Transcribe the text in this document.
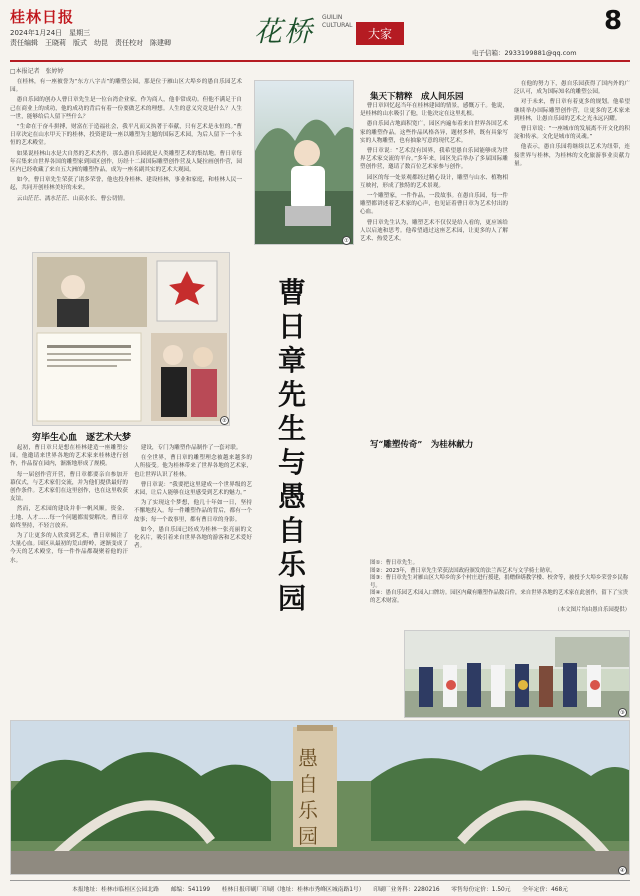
桂林日报
2024年1月24日　星期三
责任编辑　王晓莉　版式　幼昆　责任校对　陈建卿	花桥 GUILIN CULTURAL
大家	8
电子信箱：2933199881@qq.com
□本报记者　张婷婷

在桂林，有一座被誉为“东方八字吉”的雕塑公园，那是位于雁山区大埠乡的愚自乐园艺术园。

愚自乐园的创办人曹日章先生是一位台湾企业家，作为商人，他非常成功。但他不满足于自己在商业上的成功，他的成功的背后有着一份要做艺术的理想。人生的意义究竟是什么？人生一世，能够给后人留下些什么？

“生命在于奋斗拼搏，财富在于造福社会，我平凡而又执著于奉献，只有艺术是永恒的。”曹日章决定在山水甲天下的桂林，投资建设一座以雕塑为主题的国际艺术园，为后人留下一个永恒的艺术殿堂。

如果说桂林山水是大自然的艺术杰作，那么愚自乐园就是人类雕塑艺术的集结地。曹日章每年召集来自世界各国的雕塑家到园区创作，历经十二届国际雕塑创作营及人疑拉画创作营，园区内已经收藏了来自五大洲的雕塑作品，成为一座名副其实的艺术大观园。

如今，曹日章先生荣获了诸多荣誉，他也投身桂林、建设桂林，事业和家庭，和桂林人民一起，共同开创桂林美好的未来。

云山茫茫、漓水茫茫、山高水长、曹公切情。

②
穷毕生心血　逐艺术大梦

起初，曹日章只是想在桂林建造一座雕塑公园。他邀请来世界各地的艺术家来桂林进行创作，作品留在园内，渐渐地形成了规模。

每一届创作营开营，曹日章都要亲自参加开幕仪式，与艺术家们交流，并为他们提供最好的创作条件。艺术家们在这里创作，也在这里收获友谊。

然而，艺术园的建设并非一帆风顺。资金、土地、人才……每一个问题都需要解决。曹日章始终坚持，不轻言放弃。

为了让更多的人欣赏到艺术，曹日章倾注了大量心血。园区从最初的荒山野岭，逐渐变成了今天的艺术殿堂，每一件作品都凝聚着他的汗水。

建设，专门为雕塑作品制作了一套对联。

在全世界，曹日章的雕塑理念被越来越多的人所接受。他为桂林带来了世界各地的艺术家，也让世界认识了桂林。

曹日章说：“我要把这里建成一个世界级的艺术园，让后人能够在这里感受到艺术的魅力。”

为了实现这个梦想，他几十年如一日，坚持不懈地投入。每一件雕塑作品的背后，都有一个故事；每一个故事里，都有曹日章的身影。

如今，愚自乐园已经成为桂林一张亮丽的文化名片，吸引着来自世界各地的游客和艺术爱好者。

①
曹日章先生与愚自乐园
集天下精粹　成人间乐园

曹日章回忆起当年在桂林建园的情景，感慨万千。他说，是桂林的山水吸引了他，让他决定在这里扎根。

愚自乐园占地面积宽广，园区内遍布着来自世界各国艺术家的雕塑作品。这些作品风格各异，题材多样，既有具象写实的人物雕塑，也有抽象写意的现代艺术。

曹日章说：“艺术没有国界，我希望愚自乐园能够成为世界艺术家交流的平台。”多年来，园区先后举办了多届国际雕塑创作营，邀请了数百位艺术家参与创作。

园区的每一处景观都经过精心设计，雕塑与山水、植物相互映衬，形成了独特的艺术景观。

一个雕塑家，一件作品，一段故事。在愚自乐园，每一件雕塑都讲述着艺术家的心声，也见证着曹日章为艺术付出的心血。

曹日章先生认为，雕塑艺术不仅仅是给人看的，更应该给人以启迪和思考。他希望通过这座艺术园，让更多的人了解艺术、热爱艺术。

在他的努力下，愚自乐园获得了国内外的广泛认可，成为国际知名的雕塑公园。

对于未来，曹日章有着更多的规划。他希望继续举办国际雕塑创作营，让更多的艺术家来到桂林，让愚自乐园的艺术之光永远闪耀。

曹日章说：“一座城市的发展离不开文化的积淀和传承。文化是城市的灵魂。”

他表示，愚自乐园将继续以艺术为纽带，连接世界与桂林，为桂林的文化旅游事业贡献力量。

写“雕塑传奇”　为桂林献力
图①：曹日章先生。
图②：2023年，曹日章先生荣获法国政府颁发的法兰西艺术与文学骑士勋章。
图③：曹日章先生对雁山区大埠乡的多个村庄进行援建，捐赠修缮教学楼、校舍等，被授予大埠乡荣誉乡民称号。
图④：愚自乐园艺术园入口牌坊。园区内藏有雕塑作品数百件，来自世界各地的艺术家在此创作，留下了宝贵的艺术财富。
（本文图片均由愚自乐园提供）
③
愚自乐园
④
本报地址：桂林市临桂区公园北路　　邮编：541199　　桂林日报印刷厂印刷（地址：桂林市秀峰区城南路1号）　　印刷厂业务科：2280216　　零售每份定价：1.50元　　全年定价：468元
